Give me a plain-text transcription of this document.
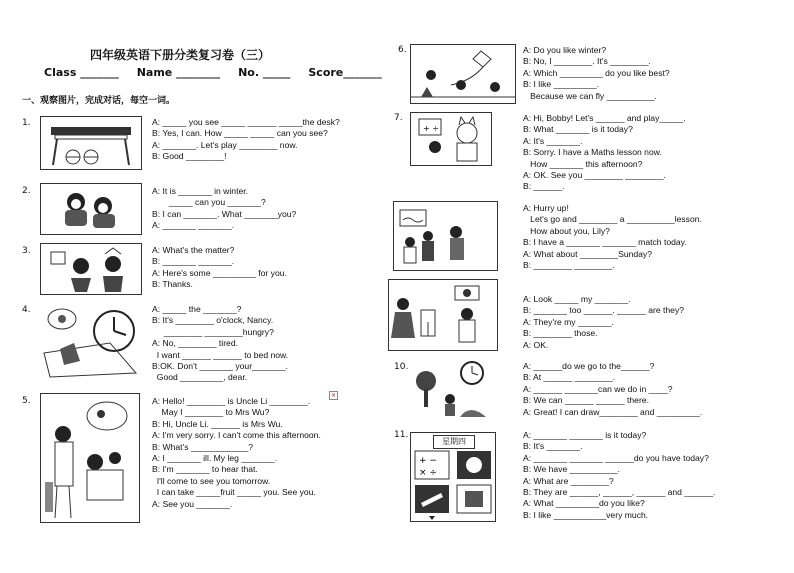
四年级英语下册分类复习卷（三）
Class _______ Name ________ No. _____ Score_______
一、观察图片，完成对话，每空一词。
1.	A: _____ you see _____ ______ _____the desk?
B: Yes, I can. How _____ _____ can you see?
A: _______. Let's play ________ now.
B: Good ________!
2.	A: It is _______ in winter.
_____ can you _______?
B: I can _______. What _______you?
A: _______ _______.
3.	A: What's the matter?
B: _______ _______.
A: Here's some _________ for you.
B: Thanks.
4.	A: _____ the _______?
B: It's ________ o'clock, Nancy.
________ ________hungry?
A: No, ________ tired.
I want ______ ______ to bed now.
B:OK. Don't _______ your_______.
Good _________, dear.
5.	A: Hello! ________ is Uncle Li ________.
May I ________ to Mrs Wu?
B: Hi, Uncle Li. ______ is Mrs Wu.
A: I'm very sorry. I can't come this afternoon.
B: What's ____________?
A: I _______ ill. My leg _______.
B: I'm _______ to hear that.
I'll come to see you tomorrow.
I can take _____fruit _____ you. See you.
A: See you _______.
×
6.	A: Do you like winter?
B: No, I ________. It's ________.
A: Which _________ do you like best?
B: I like _________.
Because we can fly __________.
7.
+ ÷
A: Hi, Bobby! Let's ______ and play_____.
B: What _______ is it today?
A: It's _______.
B: Sorry. I have a Maths lesson now.
How _______ this afternoon?
A: OK. See you ________ ________.
B: ______.
A: Hurry up!
Let's go and ________ a __________lesson.
How about you, Lily?
B: I have a _______ _______ match today.
A: What about ________Sunday?
B: ________ ________.
A: Look _____ my _______.
B: _______ too ______. ______ are they?
A: They're my _______.
B: ________ those.
A: OK.
10.	A: ______do we go to the______?
B: At ______ ________.
A: ______ _______can we do in ____?
B: We can ______ ______ there.
A: Great! I can draw________ and _________.
11.
星期四
+ −
× ÷
A: _______ _______ is it today?
B: It's _______.
A: _______ _______ ______do you have today?
B: We have __________.
A: What are ________?
B: They are ______, ______, ______ and ______.
A: What _________do you like?
B: I like ___________very much.
